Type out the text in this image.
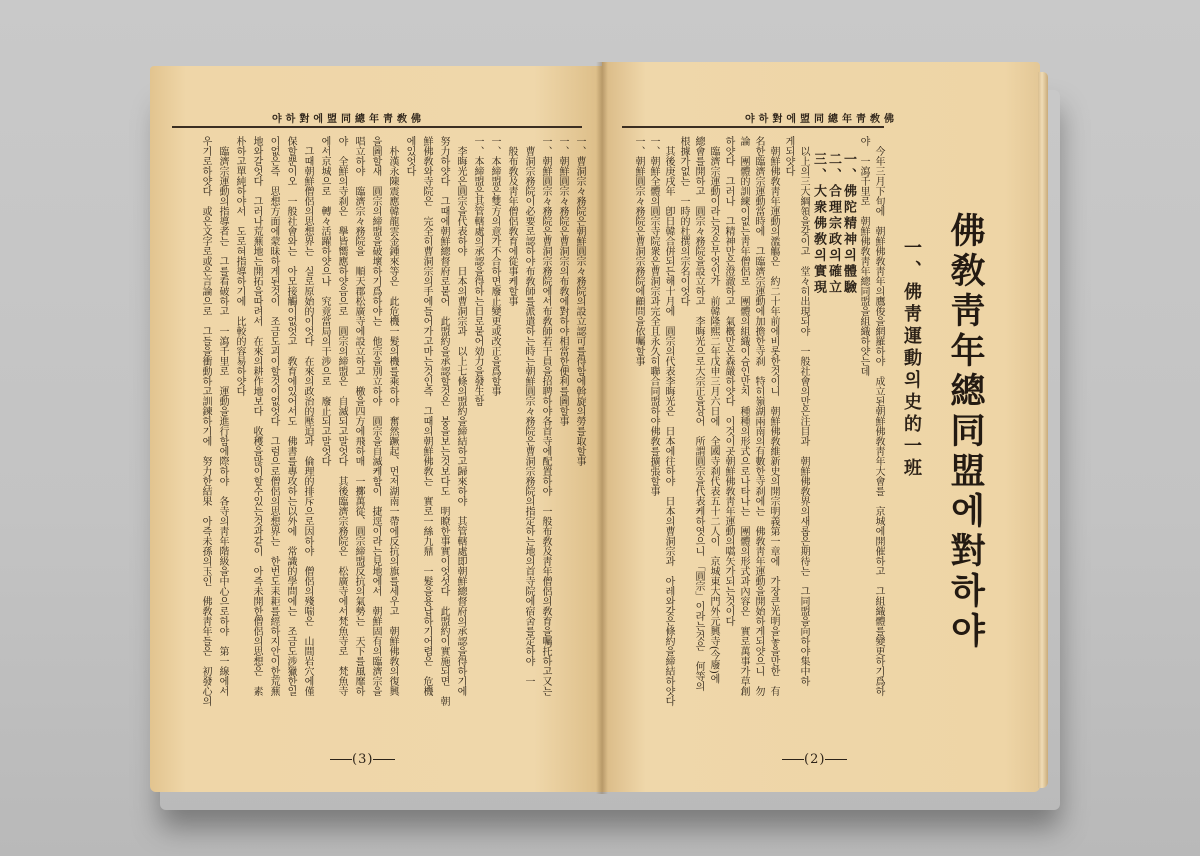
佛敎靑年總同盟에對하야	佛敎靑年總同盟에對하야
一、曹洞宗々務院은朝鮮圓宗々務院의設立認可를得함에斡旋의勞를取할事
一、朝鮮圓宗々務院은曹洞宗의布敎에對하야相當한便利를圖할事
一、朝鮮圓宗々務院은曹洞宗務院에서布敎師若干員을招聘하야各首寺에配置하야　一般布敎及靑年僧侶의敎育을囑托하고又는
　曹洞宗務院이必要로認하야布敎師를派遣하는時는朝鮮圓宗々務院은曹洞宗務院의指定하는地의首寺院에宿舍를定하야　一
　般布敎及靑年僧侶敎育에從事케할事
一、本締盟은雙方의意가不合하면廢止變更或改正을爲할事
一、本締盟은其管轄處의承認을得하는日로붙어効力을發生함
　李晦光은圓宗을代表하야　日本의曹洞宗과　以上七條의盟約을締結하고歸來하야　其管轄處即朝鮮總督府의承認을得하기에
努力하얏다　그때에朝鮮總督府로붙어　此盟約을承認할것은　붕을보는것보다도　明瞭한事實이엇섯다　此盟約이實施되면　朝
鮮佛敎와寺院은　完全히曹洞宗의手에들어가고마는것인즉　그때의朝鮮佛敎는　實로一絲九鼎　一髮을용납하기어렵은　危機
에있엇다
　朴漢永陳震應韓龍雲金鍾來等은　此危機一髮의機를乘하야　奮然蹶起、먼저湖南一帶에反抗의旗를세우고　朝鮮佛敎의復興
을圖할새　圓宗의締盟을破壞하기爲하야는　他宗을別立하야　圓宗을自滅케함이　捷逕이라는見地에서　朝鮮固有의臨濟宗을
唱立하야　臨濟宗々務院을　順天郡松廣寺에設立하고　檄을四方에飛하매　一擲萬從、圓宗締盟反抗의氣勢는　天下를風靡하
야　全鮮의寺刹은　擧皆嚮應하얏음으로　圓宗의締盟은　自滅되고말엇다　其後臨濟宗務院은　松廣寺에서梵魚寺로　梵魚寺
에서京城으로　轉々活躍하얏으나　究竟當局의干涉으로　廢止되고말엇다
　그때朝鮮僧侶의思想界는　실로原始的이엇다　在來의政治的壓迫과　倫理的排斥으로因하야　僧侶의殘喘은　山間岩穴에僅
保할뿐이오　一般社會와는　아모接觸이없엇고　敎育에있어서도　佛書를專攻하는以外에　常識的學問에는　조금도涉獵한일
이없은즉　思想方面에蒙昧하게된것이　조금도괴이할것이없엇다　그럼으로僧侶의思想界는　한번도耒耟를經하지안이한荒蕪
地와갈엇다　그러나荒蕪地는開拓을따려서　在來의耕作地보다　收穫을많이할수있는것과같이　아즉未開한僧侶의思想은　素
朴하고單純하야서　도로혀指導하기에　比較的容易하얏다
　臨濟宗運動의指導者는　그를看破하고　一瀉千里로　運動을進行함에際하야　各寺의靑年階級을中心으로하야　第一線에서
우기로하얏다　或은文字로或은言論으로　그들을衝動하고訓鍊하기에　努力한結果　아즉未孫의玉인　佛敎靑年들은　初發心의	　今年三月下旬에　朝鮮佛敎靑年의鷹俊을網羅하야　成立된朝鮮佛敎靑年大會를　京城에開催하고　그組織體를變更하기爲하
야　一瀉千里로　朝鮮佛敎靑年總同盟을組織하얏는데
　一、佛陀精神의體驗
　二、合理宗政의確立
　三、大衆佛敎의實現
　以上의三大綱領을갖이고　堂々히出現되야　一般社會의만은注目과　朝鮮佛敎界의새롭은期待는　그同盟을向하야集中하
게되얏다
　朝鮮佛敎靑年運動의濫觴은　約二十年前에비롯한것이니　朝鮮佛敎維新史의開宗明義第一章에　가장큰光明을놓을만한　有
名한臨濟宗運動當時에　그臨濟宗運動에加擔한寺刹　特히嶺湖兩南의有數한寺刹에는　佛敎靑年運動을開始하게되얏으니　勿
論　團體的訓練이없는靑年僧侶로　團體의組織이슴인만치　種種의形式으로나타나는　團體의形式과內容은　實로萬事가草創
하얏다　그러나　그精神만은澄澈하고　氣槪만은森嚴하얏다　이것이곳朝鮮佛敎靑年運動의嚆矢가되는것이다
　臨濟宗運動이라는것은무엇인가　前韓隆熙二年戊申三月六日에　全國寺刹代表五十二人이　京城東大門外元興寺(今廢)에
總會를開하고　圓宗々務院을設立하고　李晦光으로大宗正을삼어　所謂圓宗을代表케하엿으니　「圓宗」이라는것은　何等의
根據가없는　一時的杜撰의宗名이엇다
　其後庚戌年　卽日韓合倂되든해十月에　圓宗의代表李晦光은　日本에往하야　日本의曹洞宗과　아레와갖은條約을締結하얏다
一、朝鮮全體의圓宗寺院衆은曹洞宗과完全且永久히聯合同盟하야佛敎를擴張할事
一、朝鮮圓宗々務院은曹洞宗務院에顧問을依囑할事	佛敎靑年總同盟에對하야
一、佛靑運動의史的一班
(3)	(2)
